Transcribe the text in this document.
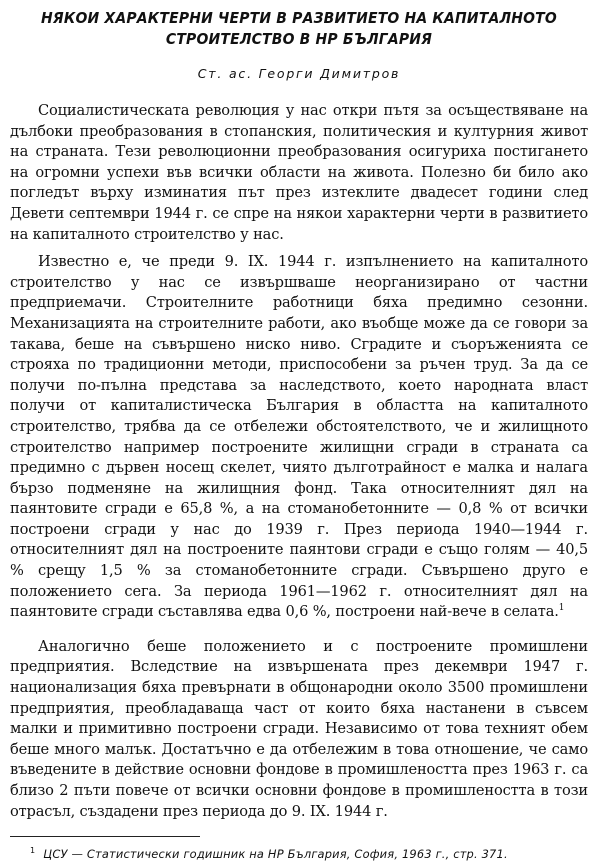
НЯКОИ ХАРАКТЕРНИ ЧЕРТИ В РАЗВИТИЕТО НА КАПИТАЛНОТО
СТРОИТЕЛСТВО В НР БЪЛГАРИЯ
Ст. ас. Георги Димитров

Социалистическата революция у нас откри пътя за осъществяване на дълбоки преобразования в стопанския, политическия и културния живот на страната. Тези революционни преобразования осигуриха постигането на огромни успехи във всички области на живота. Полезно би било ако погледът върху изминатия път през изтеклите двадесет години след Девети септември 1944 г. се спре на някои характерни черти в развитието на капиталното строителство у нас.

Известно е, че преди 9. IX. 1944 г. изпълнението на капиталното строителство у нас се извършваше неорганизирано от частни предприемачи. Строителните работници бяха предимно сезонни. Механизацията на строителните работи, ако въобще може да се говори за такава, беше на съвършено ниско ниво. Сградите и съоръженията се строяха по традиционни методи, приспособени за ръчен труд. За да се получи по-пълна представа за наследството, което народната власт получи от капиталистическа България в областта на капиталното строителство, трябва да се отбележи обстоятелството, че и жилищното строителство например построените жилищни сгради в страната са предимно с дървен носещ скелет, чиято дълготрайност е малка и налага бързо подменяне на жилищния фонд. Така относителният дял на паянтовите сгради е 65,8 %, а на стоманобетонните — 0,8 % от всички построени сгради у нас до 1939 г. През периода 1940—1944 г. относителният дял на построените паянтови сгради е също голям — 40,5 % срещу 1,5 % за стоманобетонните сгради. Съвършено друго е положението сега. За периода 1961—1962 г. относителният дял на паянтовите сгради съставлява едва 0,6 %, построени най-вече в селата.$^1$

Аналогично беше положението и с построените промишлени предприятия. Вследствие на извършената през декември 1947 г. национализация бяха превърнати в общонародни около 3500 промишлени предприятия, преобладаваща част от които бяха настанени в съвсем малки и примитивно построени сгради. Независимо от това техният обем беше много малък. Достатъчно е да отбележим в това отношение, че само въведените в действие основни фондове в промишлеността през 1963 г. са близо 2 пъти повече от всички основни фондове в промишлеността в този отрасъл, създадени през периода до 9. IX. 1944 г.

$^1$ ЦСУ — Статистически годишник на НР България, София, 1963 г., стр. 371.
